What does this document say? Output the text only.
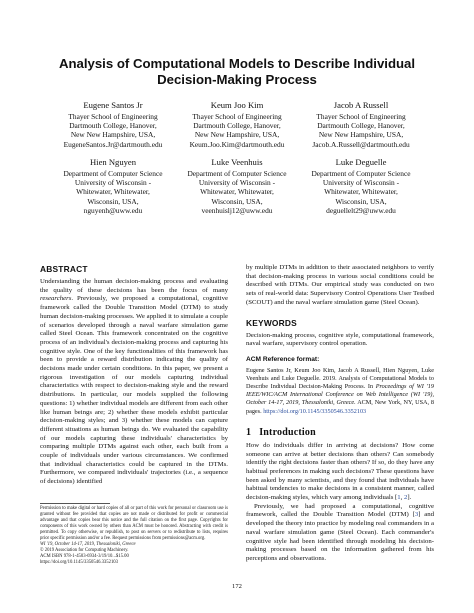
Analysis of Computational Models to Describe Individual
Decision-Making Process
Eugene Santos Jr
Thayer School of Engineering
Dartmouth College, Hanover,
New New Hampshire, USA,
EugeneSantos.Jr@dartmouth.edu
Keum Joo Kim
Thayer School of Engineering
Dartmouth College, Hanover,
New New Hampshire, USA,
Keum.Joo.Kim@dartmouth.edu
Jacob A Russell
Thayer School of Engineering
Dartmouth College, Hanover,
New New Hampshire, USA,
Jacob.A.Russell@dartmouth.edu
Hien Nguyen
Department of Computer Science
University of Wisconsin -
Whitewater, Whitewater,
Wisconsin, USA,
nguyenh@uww.edu
Luke Veenhuis
Department of Computer Science
University of Wisconsin -
Whitewater, Whitewater,
Wisconsin, USA,
veenhuislj12@uww.edu
Luke Deguelle
Department of Computer Science
University of Wisconsin -
Whitewater, Whitewater,
Wisconsin, USA,
deguellelt29@uww.edu
ABSTRACT
Understanding the human decision-making process and evaluating the quality of these decisions has been the focus of many researchers. Previously, we proposed a computational, cognitive framework called the Double Transition Model (DTM) to study human decision-making processes. We applied it to simulate a couple of scenarios developed through a naval warfare simulation game called Steel Ocean. This framework concentrated on the cognitive process of an individual's decision-making process and capturing his cognitive style. One of the key functionalities of this framework has been to provide a reward distribution indicating the quality of decisions made under certain conditions. In this paper, we present a rigorous investigation of our models capturing individual characteristics with respect to decision-making style and the reward distributions. In particular, our models supplied the following questions: 1) whether individual models are different from each other like human beings are; 2) whether these models exhibit particular decision-making styles; and 3) whether these models can capture different situations as human beings do. We evaluated the capability of our models capturing these individuals' characteristics by comparing multiple DTMs against each other, each built from a couple of individuals under various circumstances. We confirmed that individual characteristics could be captured in the DTMs. Furthermore, we compared individuals' trajectories (i.e., a sequence of decisions) identified
Permission to make digital or hard copies of all or part of this work for personal or classroom use is granted without fee provided that copies are not made or distributed for profit or commercial advantage and that copies bear this notice and the full citation on the first page. Copyrights for components of this work owned by others than ACM must be honored. Abstracting with credit is permitted. To copy otherwise, or republish, to post on servers or to redistribute to lists, requires prior specific permission and/or a fee. Request permissions from permissions@acm.org.
WI '19, October 14-17, 2019, Thessaloniki, Greece
© 2019 Association for Computing Machinery.
ACM ISBN 978-1-4503-6934-3/19/10...$15.00
https://doi.org/10.1145/3350546.3352103
by multiple DTMs in addition to their associated neighbors to verify that decision-making process in various social conditions could be described with DTMs. Our empirical study was conducted on two sets of real-world data: Supervisory Control Operations User Testbed (SCOUT) and the naval warfare simulation game (Steel Ocean).
KEYWORDS
Decision-making process, cognitive style, computational framework, naval warfare, supervisory control operation.
ACM Reference format:
Eugene Santos Jr, Keum Joo Kim, Jacob A Russell, Hien Nguyen, Luke Veenhuis and Luke Deguelle. 2019. Analysis of Computational Models to Describe Individual Decision-Making Process. In Proceedings of WI '19 IEEE/WIC/ACM International Conference on Web Intelligence (WI '19), October 14-17, 2019, Thessaloniki, Greece. ACM, New York, NY, USA, 8 pages. https://doi.org/10.1145/3350546.3352103
1 Introduction
How do individuals differ in arriving at decisions? How come someone can arrive at better decisions than others? Can somebody identify the right decisions faster than others? If so, do they have any habitual preferences in making such decisions? These questions have been asked by many scientists, and they found that individuals have habitual tendencies to make decisions in a consistent manner, called decision-making styles, which vary among individuals [1, 2].
Previously, we had proposed a computational, cognitive framework, called the Double Transition Model (DTM) [3] and developed the theory into practice by modeling real commanders in a naval warfare simulation game (Steel Ocean). Each commander's cognitive style had been identified through modeling his decision-making processes based on the information gathered from his perceptions and observations.
172
